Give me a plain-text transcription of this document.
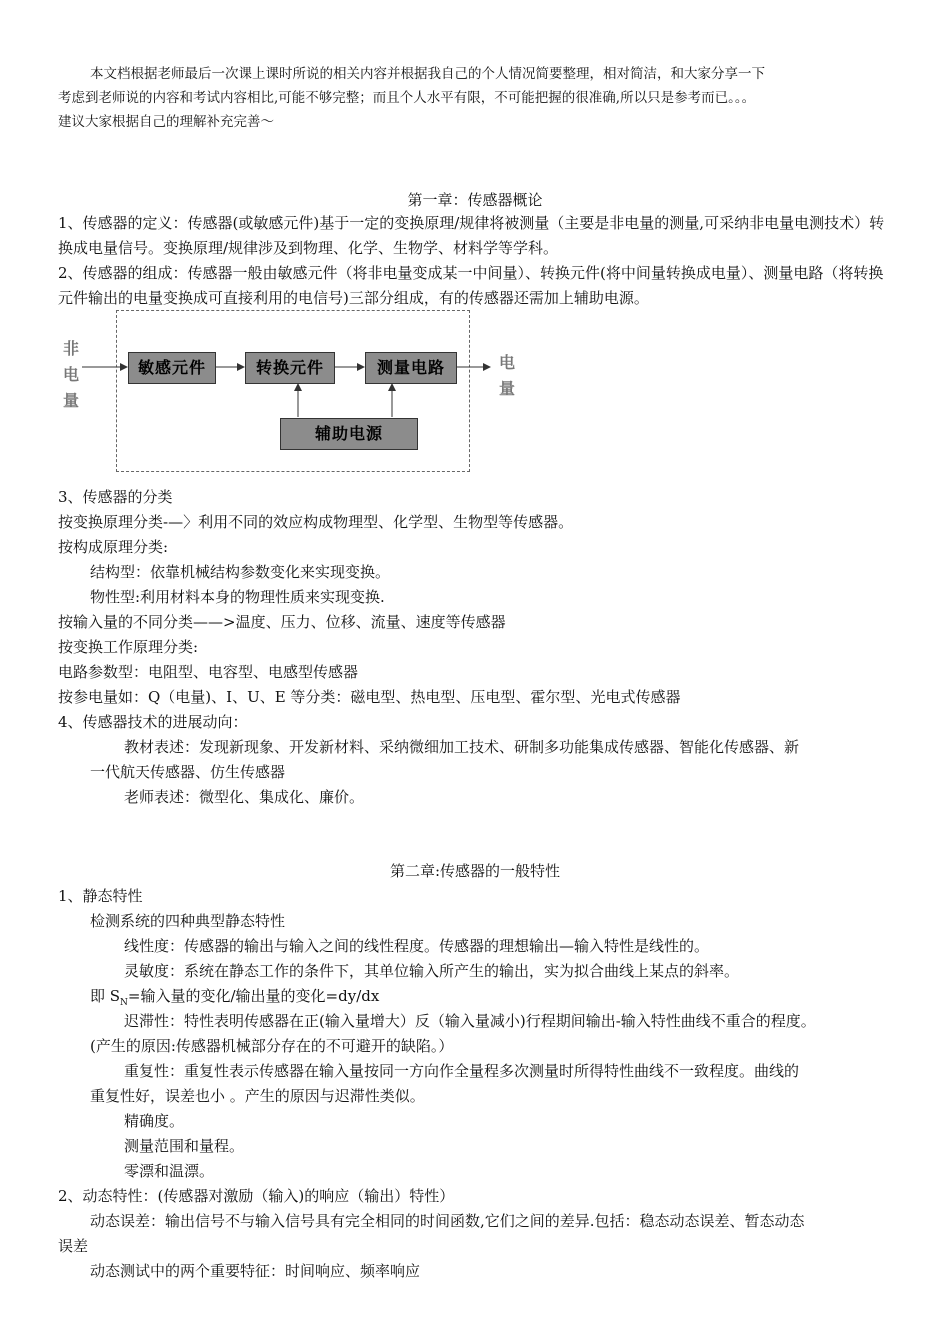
本文档根据老师最后一次课上课时所说的相关内容并根据我自己的个人情况简要整理，相对简洁，和大家分享一下

考虑到老师说的内容和考试内容相比,可能不够完整；而且个人水平有限，不可能把握的很准确,所以只是参考而已。。。

建议大家根据自己的理解补充完善～

第一章：传感器概论
1、传感器的定义：传感器(或敏感元件)基于一定的变换原理/规律将被测量（主要是非电量的测量,可采纳非电量电测技术）转换成电量信号。变换原理/规律涉及到物理、化学、生物学、材料学等学科。
2、传感器的组成：传感器一般由敏感元件（将非电量变成某一中间量）、转换元件(将中间量转换成电量）、测量电路（将转换元件输出的电量变换成可直接利用的电信号)三部分组成，有的传感器还需加上辅助电源。
非电量
电量
敏感元件	转换元件	测量电路
辅助电源
3、传感器的分类
按变换原理分类-—〉利用不同的效应构成物理型、化学型、生物型等传感器。
按构成原理分类:
结构型：依靠机械结构参数变化来实现变换。
物性型:利用材料本身的物理性质来实现变换.
按输入量的不同分类——>温度、压力、位移、流量、速度等传感器
按变换工作原理分类:
电路参数型：电阻型、电容型、电感型传感器
按参电量如：Q（电量)、I、U、E 等分类：磁电型、热电型、压电型、霍尔型、光电式传感器
4、传感器技术的进展动向：
教材表述：发现新现象、开发新材料、采纳微细加工技术、研制多功能集成传感器、智能化传感器、新
一代航天传感器、仿生传感器
老师表述：微型化、集成化、廉价。
第二章:传感器的一般特性
1、静态特性
检测系统的四种典型静态特性
线性度：传感器的输出与输入之间的线性程度。传感器的理想输出—输入特性是线性的。
灵敏度：系统在静态工作的条件下，其单位输入所产生的输出，实为拟合曲线上某点的斜率。
即 $S_N=$输入量的变化/输出量的变化=dy/dx
迟滞性：特性表明传感器在正(输入量增大）反（输入量减小)行程期间输出-输入特性曲线不重合的程度。
(产生的原因:传感器机械部分存在的不可避开的缺陷。）
重复性：重复性表示传感器在输入量按同一方向作全量程多次测量时所得特性曲线不一致程度。曲线的
重复性好，误差也小 。产生的原因与迟滞性类似。
精确度。
测量范围和量程。
零漂和温漂。
2、动态特性：(传感器对激励（输入)的响应（输出）特性）
动态误差：输出信号不与输入信号具有完全相同的时间函数,它们之间的差异.包括：稳态动态误差、暂态动态
误差
动态测试中的两个重要特征：时间响应、频率响应
